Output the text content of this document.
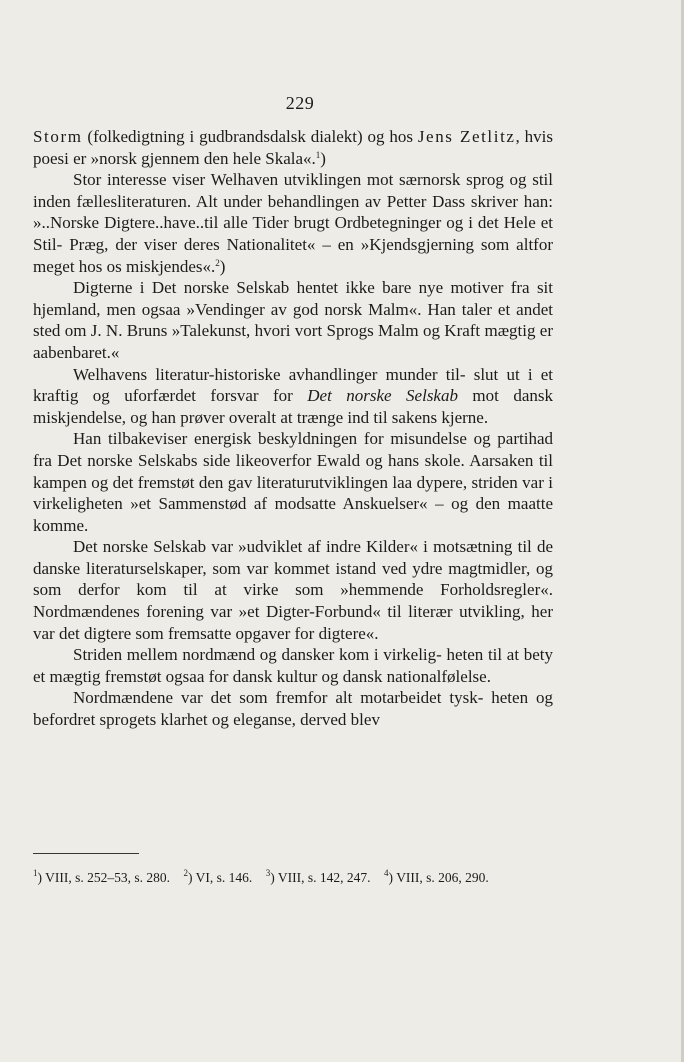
229

Storm (folkedigtning i gudbrandsdalsk dialekt) og hos Jens Zetlitz, hvis poesi er »norsk gjennem den hele Skala«.$^1$)

Stor interesse viser Welhaven utviklingen mot særnorsk sprog og stil inden fællesliteraturen. Alt under behandlingen av Petter Dass skriver han: »..Norske Digtere..have..til alle Tider brugt Ordbetegninger og i det Hele et Stil- Præg, der viser deres Nationalitet« – en »Kjendsgjerning som altfor meget hos os miskjendes«.$^2$)

Digterne i Det norske Selskab hentet ikke bare nye motiver fra sit hjemland, men ogsaa »Vendinger av god norsk Malm«. Han taler et andet sted om J. N. Bruns »Talekunst, hvori vort Sprogs Malm og Kraft mægtig er aabenbaret.«

Welhavens literatur-historiske avhandlinger munder til- slut ut i et kraftig og uforfærdet forsvar for Det norske Selskab mot dansk miskjendelse, og han prøver overalt at trænge ind til sakens kjerne.

Han tilbakeviser energisk beskyldningen for misundelse og partihad fra Det norske Selskabs side likeoverfor Ewald og hans skole. Aarsaken til kampen og det fremstøt den gav literaturutviklingen laa dypere, striden var i virkeligheten »et Sammenstød af modsatte Anskuelser« – og den maatte komme.

Det norske Selskab var »udviklet af indre Kilder« i motsætning til de danske literaturselskaper, som var kommet istand ved ydre magtmidler, og som derfor kom til at virke som »hemmende Forholdsregler«. Nordmændenes forening var »et Digter-Forbund« til literær utvikling, her var det digtere som fremsatte opgaver for digtere«.

Striden mellem nordmænd og dansker kom i virkelig- heten til at bety et mægtig fremstøt ogsaa for dansk kultur og dansk nationalfølelse.

Nordmændene var det som fremfor alt motarbeidet tysk- heten og befordret sprogets klarhet og eleganse, derved blev

$^1$) VIII, s. 252–53, s. 280.  $^2$) VI, s. 146.  $^3$) VIII, s. 142, 247.  $^4$) VIII, s. 206, 290.
